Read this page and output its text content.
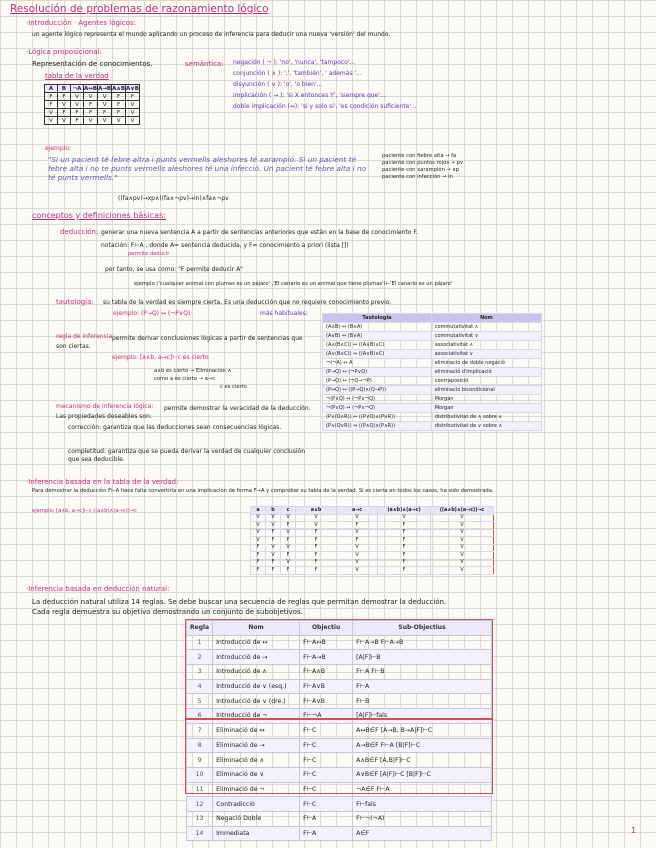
Resolución de problemas de razonamiento lógico
·Introducción · Agentes lógicos:
un agente lógico representa el mundo aplicando un proceso de inferencia para deducir una nueva 'versión' del mundo.
·Lógica proposicional:
Representación de conocimientos.	semántica:
tabla de la verdad
negación ( ¬ ): 'no', 'nunca', 'tampoco'...
conjunción ( ∧ ): ',', 'también', ' además '...
disyunción ( ∨ ): 'o', 'o bien'...
implicación ( → ): 'si X entonces Y', 'siempre que'...
doble implicación (↔): 'si y solo si', 'es condición suficiente'...
A	B	¬A	A↔B	A→B	A∧B	A∨B
F	F	V	V	V	F	F
F	V	V	F	V	F	V
V	F	F	F	F	F	V
V	V	F	V	V	V	V
ejemplo:
"Si un pacient té febre altra i punts vermells aleshores té xarampió. Si un pacient té febre alta i no te punts vermells aleshores té una infecció. Un pacient té febre alta i no té punts vermells."
paciente con fiebre alta → fa
paciente con puntos rojos → pv
paciente con xarampión → xp
paciente con infección → in
((fa∧pv)→xp∧((fa∧¬pv)→in)∧fa∧¬pv
conceptos y definiciones básicas:
deducción: generar una nueva sentencia A a partir de sentencias anteriores que están en la base de conocimiento F.
notación: F⊢A , donde A= sentencia deducida, y F= conocimiento a priori (lista [])
permite deducir
por tanto, se usa como: "F permite deducir A"
ejemplo ('cualquier animal con plumas es un pájaro' ,'El canario es un animal que tiene plumas')⊢'El canario es un pájaro'
tautología: su tabla de la verdad es siempre cierta. Es una deducción que no requiere conocimiento previo.
ejemplo: (P→Q) ↔ (¬P∨Q)	más habituales:
regla de inferencia:
permite derivar conclusiones lógicas a partir de sentencias que son ciertas.
ejemplo: [a∧b, a→c]⊢c es cierto
a∧b es cierto → Eliminación ∧
como a es cierto → a→c
c es cierto
mecanismo de inferencia lógica:	permite demostrar la veracidad de la deducción. Las propiedades deseables son:
corrección: garantiza que las deducciones sean consecuencias lógicas.
completitud: garantiza que se pueda derivar la verdad de cualquier conclusión que sea deducible.
Tautologia	Nom
(A∧B) ↔ (B∧A)	commutativitat ∧
(A∨B) ↔ (B∨A)	commutativitat ∨
(A∧(B∧C)) ↔ ((A∧B)∧C)	associativitat ∧
(A∨(B∨C)) ↔ ((A∨B)∨C)	associativitat ∨
¬(¬A) ↔ A	eliminació de doble negació
(P→Q) ↔ (¬P∨Q)	eliminació d'implicació
(P→Q) ↔ (¬Q→¬P)	contraposició
(P↔Q) ↔ ((P→Q)∧(Q→P))	eliminació bicondicional
¬(P∧Q) ↔ (¬P∨¬Q)	Morgan
¬(P∨Q) ↔ (¬P∧¬Q)	Morgan
(P∨(Q∧R)) ↔ ((P∨Q)∧(P∨R))	distributivitat de ∧ sobre ∨
(P∧(Q∨R)) ↔ ((P∧Q)∨(P∧R))	distributivitat de ∨ sobre ∧
·Inferencia basada en la tabla de la verdad:
Para demostrar la deducción F⊢A hace falta convertirla en una implicación de forma F→A y comprobar su tabla de la verdad. Si es cierta en todos los casos, ha sido demostrada.
ejemplo: [a∧b, a→c]⊢c ((a∧b)∧(a→c))→c	a	b	c	a∧b	a→c	(a∧b)∧(a→c)	((a∧b)∧(a→c))→c
V	V	V	V	V	V	V
V	V	F	V	F	F	V
V	F	V	F	V	F	V
V	F	F	F	F	F	V
F	V	V	F	V	F	V
F	V	F	F	V	F	V
F	F	V	F	V	F	V
F	F	F	F	V	F	V
·Inferencia basada en deducción natural:
La deducción natural utiliza 14 reglas. Se debe buscar una secuencia de reglas que permitan demostrar la deducción.
Cada regla demuestra su objetivo demostrando un conjunto de subobjetivos.
Regla	Nom	Objectiu	Sub-Objectius
1	Introducció de ↔	F⊢A↔B	F⊢A→B F⊢A→B
2	Introducció de →	F⊢A→B	[A|F]⊢B
3	Introducció de ∧	F⊢A∧B	F⊢A F⊢B
4	Introducció de ∨ (esq.)	F⊢A∨B	F⊢A
5	Introducció de ∨ (dre.)	F⊢A∨B	F⊢B
6	Introducció de ¬	F⊢¬A	[A|F]⊢fals
7	Eliminació de ↔	F⊢C	A↔B∈F [A→B, B→A|F]⊢C
8	Eliminació de →	F⊢C	A→B∈F F⊢A [B|F]⊢C
9	Eliminació de ∧	F⊢C	A∧B∈F [A,B|F]⊢C
10	Eliminació de ∨	F⊢C	A∨B∈F [A|F]⊢C [B|F]⊢C
11	Eliminació de ¬	F⊢C	¬A∈F F⊢A
12	Contradicció	F⊢C	F⊢fals
13	Negació Doble	F⊢A	F⊢¬(¬A)
14	Immediata	F⊢A	A∈F	1
